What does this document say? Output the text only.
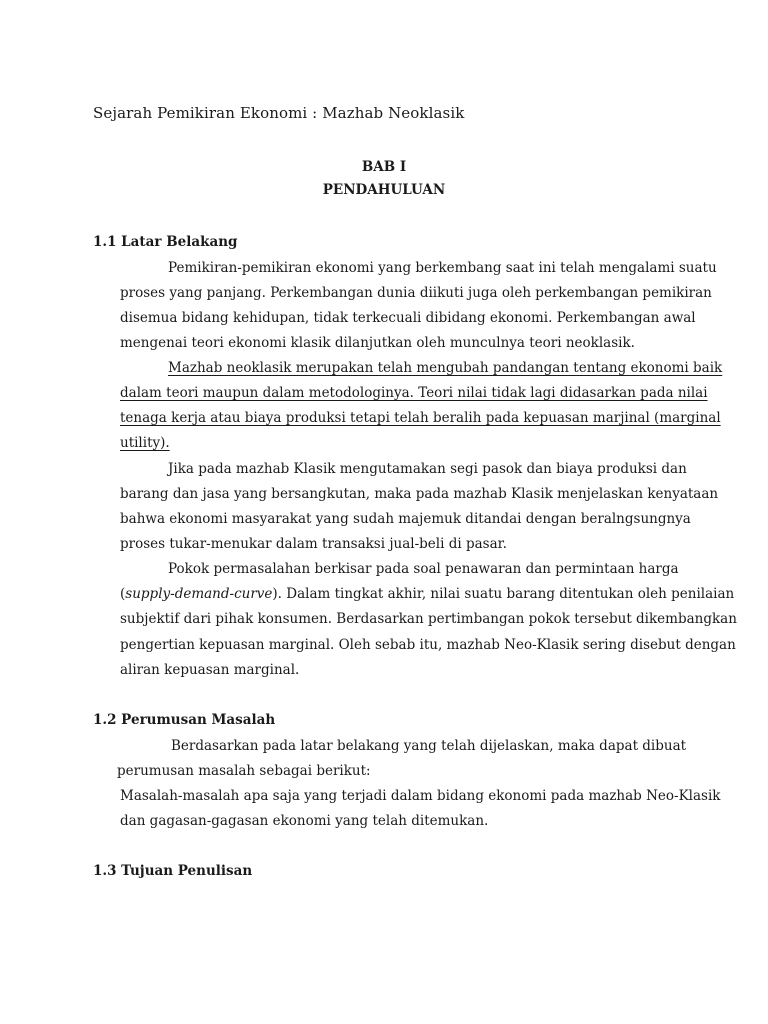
Sejarah Pemikiran Ekonomi : Mazhab Neoklasik
BAB I
PENDAHULUAN
1.1 Latar Belakang
Pemikiran-pemikiran ekonomi yang berkembang saat ini telah mengalami suatu
proses yang panjang. Perkembangan dunia diikuti juga oleh perkembangan pemikiran
disemua bidang kehidupan, tidak terkecuali dibidang ekonomi. Perkembangan awal
mengenai teori ekonomi klasik dilanjutkan oleh munculnya teori neoklasik.
Mazhab neoklasik merupakan telah mengubah pandangan tentang ekonomi baik
dalam teori maupun dalam metodologinya. Teori nilai tidak lagi didasarkan pada nilai
tenaga kerja atau biaya produksi tetapi telah beralih pada kepuasan marjinal (marginal
utility).
Jika pada mazhab Klasik mengutamakan segi pasok dan biaya produksi dan
barang dan jasa yang bersangkutan, maka pada mazhab Klasik menjelaskan kenyataan
bahwa ekonomi masyarakat yang sudah majemuk ditandai dengan beralngsungnya
proses tukar-menukar dalam transaksi jual-beli di pasar.
Pokok permasalahan berkisar pada soal penawaran dan permintaan harga
(supply-demand-curve). Dalam tingkat akhir, nilai suatu barang ditentukan oleh penilaian
subjektif dari pihak konsumen. Berdasarkan pertimbangan pokok tersebut dikembangkan
pengertian kepuasan marginal. Oleh sebab itu, mazhab Neo-Klasik sering disebut dengan
aliran kepuasan marginal.
1.2 Perumusan Masalah
Berdasarkan pada latar belakang yang telah dijelaskan, maka dapat dibuat
perumusan masalah sebagai berikut:
Masalah-masalah apa saja yang terjadi dalam bidang ekonomi pada mazhab Neo-Klasik
dan gagasan-gagasan ekonomi yang telah ditemukan.
1.3 Tujuan Penulisan
